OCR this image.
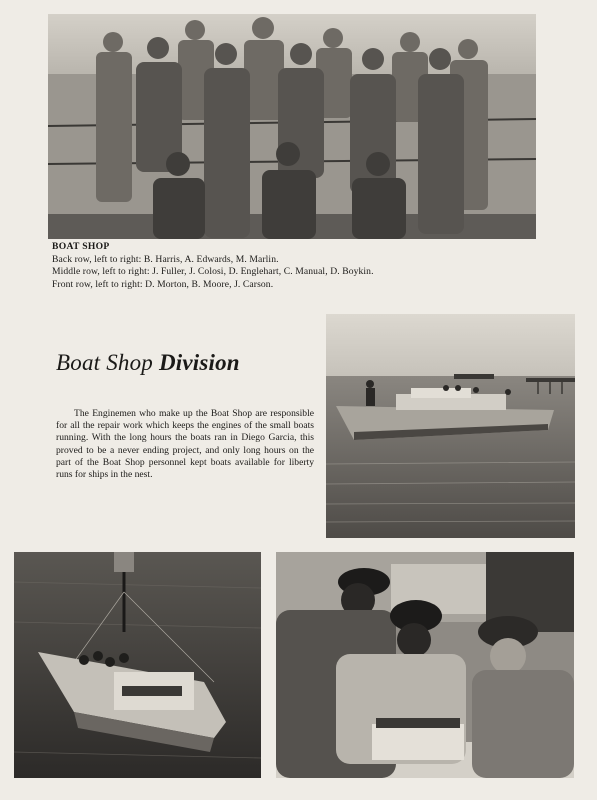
BOAT SHOP
Back row, left to right: B. Harris, A. Edwards, M. Marlin.
Middle row, left to right: J. Fuller, J. Colosi, D. Englehart, C. Manual, D. Boykin.
Front row, left to right: D. Morton, B. Moore, J. Carson.
Boat Shop Division
The Enginemen who make up the Boat Shop are responsible for all the repair work which keeps the engines of the small boats running. With the long hours the boats ran in Diego Garcia, this proved to be a never ending project, and only long hours on the part of the Boat Shop personnel kept boats available for liberty runs for ships in the nest.
